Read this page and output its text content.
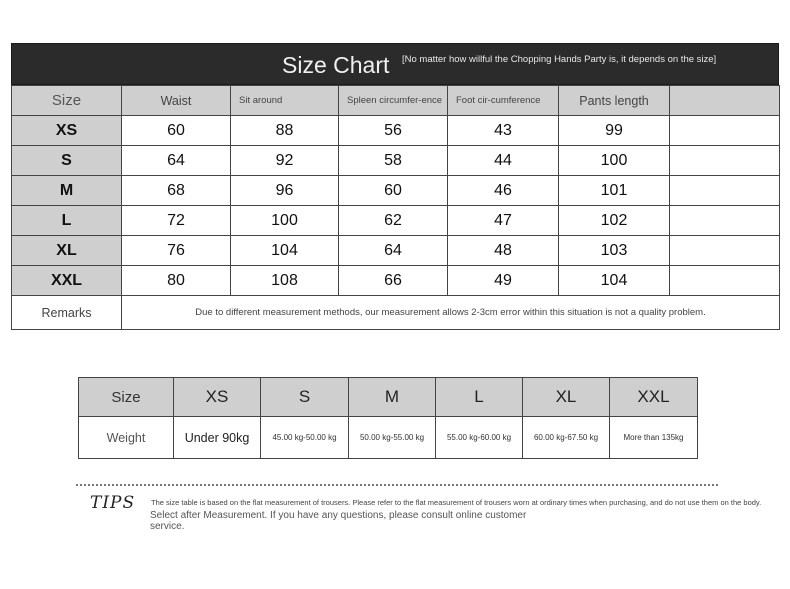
Size Chart [No matter how willful the Chopping Hands Party is, it depends on the size]
Size	Waist	Sit around	Spleen circumfer-ence	Foot cir-cumference	Pants length	
XS	60	88	56	43	99	
S	64	92	58	44	100	
M	68	96	60	46	101	
L	72	100	62	47	102	
XL	76	104	64	48	103	
XXL	80	108	66	49	104	
Remarks	Due to different measurement methods, our measurement allows 2-3cm error within this situation is not a quality problem.					
Size	XS	S	M	L	XL	XXL
Weight	Under 90kg	45.00 kg-50.00 kg	50.00 kg-55.00 kg	55.00 kg-60.00 kg	60.00 kg-67.50 kg	More than 135kg
TIPS The size table is based on the flat measurement of trousers. Please refer to the flat measurement of trousers worn at ordinary times when purchasing, and do not use them on the body.
Select after Measurement. If you have any questions, please consult online customer service.
